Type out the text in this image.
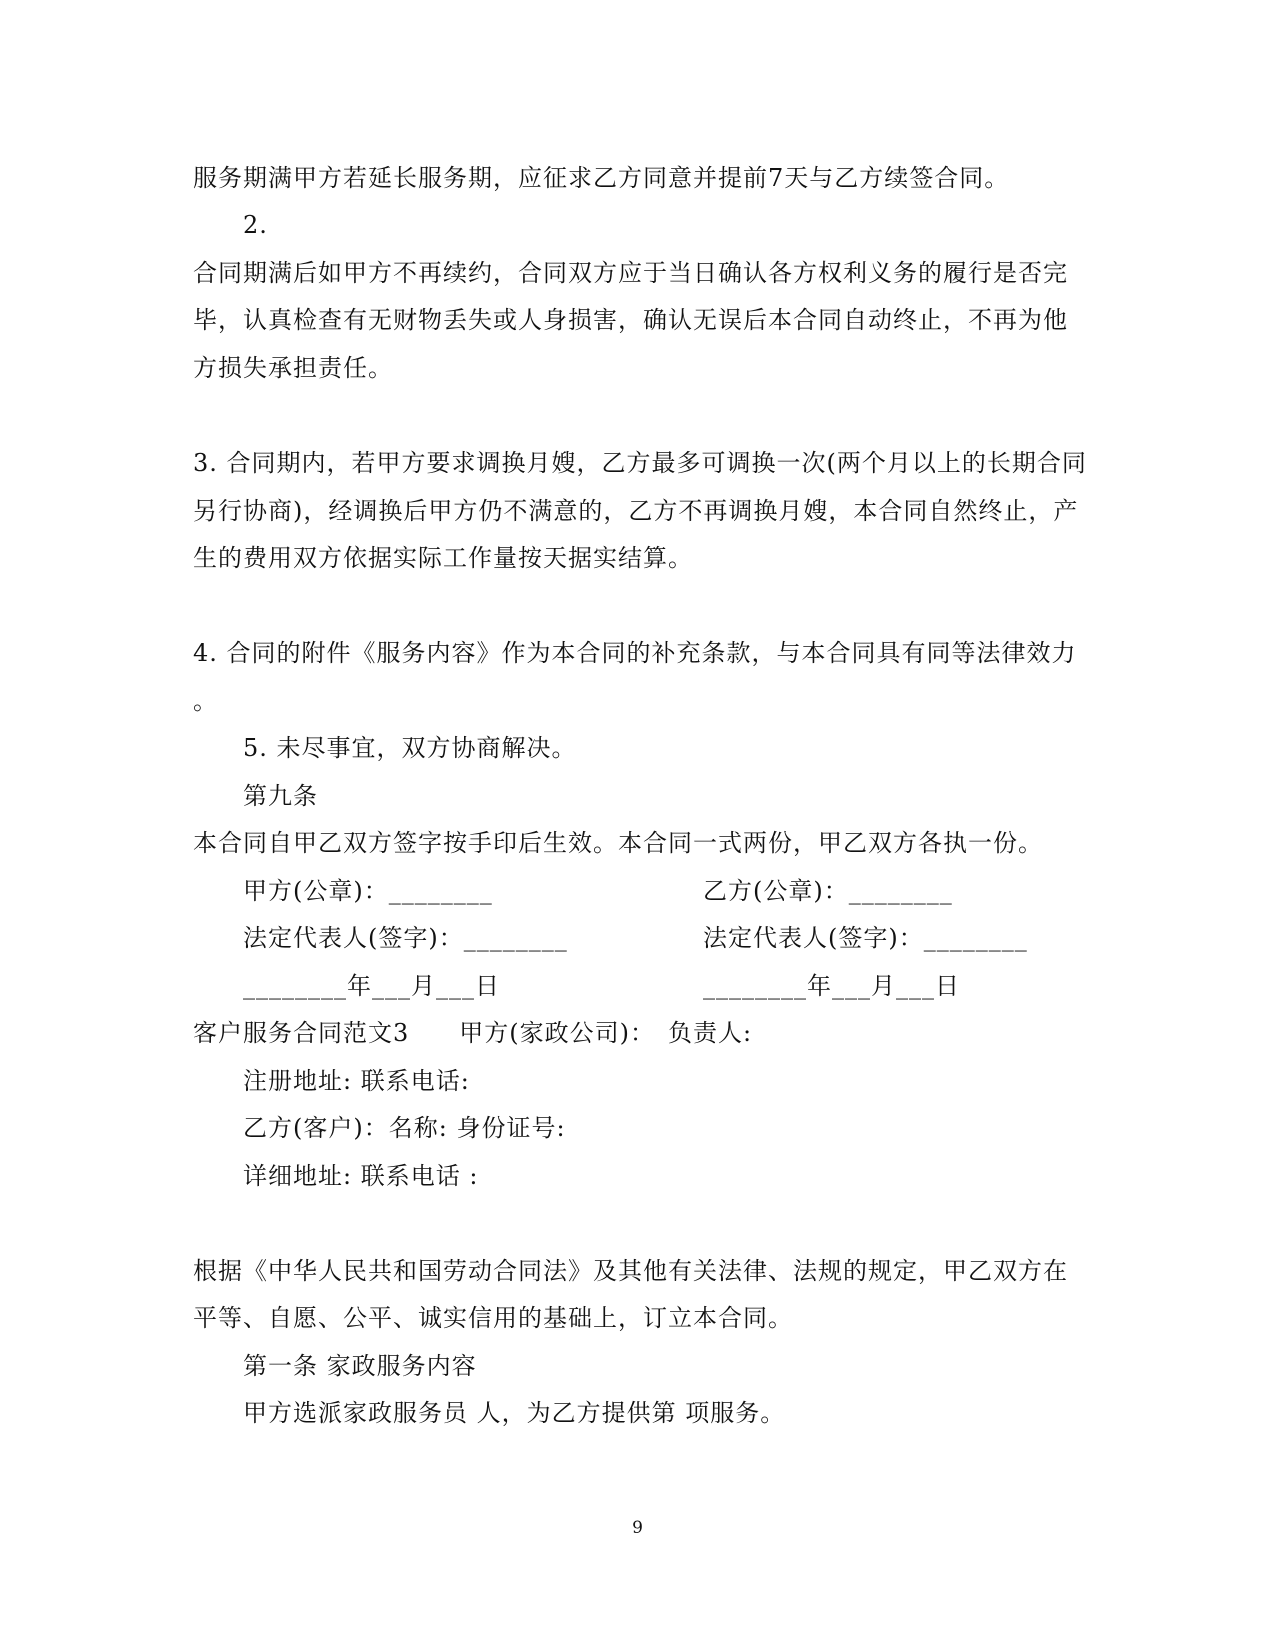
服务期满甲方若延长服务期，应征求乙方同意并提前7天与乙方续签合同。
2.
合同期满后如甲方不再续约，合同双方应于当日确认各方权利义务的履行是否完
毕，认真检查有无财物丢失或人身损害，确认无误后本合同自动终止，不再为他
方损失承担责任。
3. 合同期内，若甲方要求调换月嫂，乙方最多可调换一次(两个月以上的长期合同
另行协商)，经调换后甲方仍不满意的，乙方不再调换月嫂，本合同自然终止，产
生的费用双方依据实际工作量按天据实结算。
4. 合同的附件《服务内容》作为本合同的补充条款，与本合同具有同等法律效力
。
5. 未尽事宜，双方协商解决。
第九条
本合同自甲乙双方签字按手印后生效。本合同一式两份，甲乙双方各执一份。
甲方(公章)：________	乙方(公章)：________
法定代表人(签字)：________	法定代表人(签字)：________
________年___月___日	________年___月___日
客户服务合同范文3　　甲方(家政公司)：　负责人:
注册地址: 联系电话:
乙方(客户)：名称: 身份证号:
详细地址: 联系电话 :
根据《中华人民共和国劳动合同法》及其他有关法律、法规的规定，甲乙双方在
平等、自愿、公平、诚实信用的基础上，订立本合同。
第一条 家政服务内容
甲方选派家政服务员 人，为乙方提供第 项服务。
9
